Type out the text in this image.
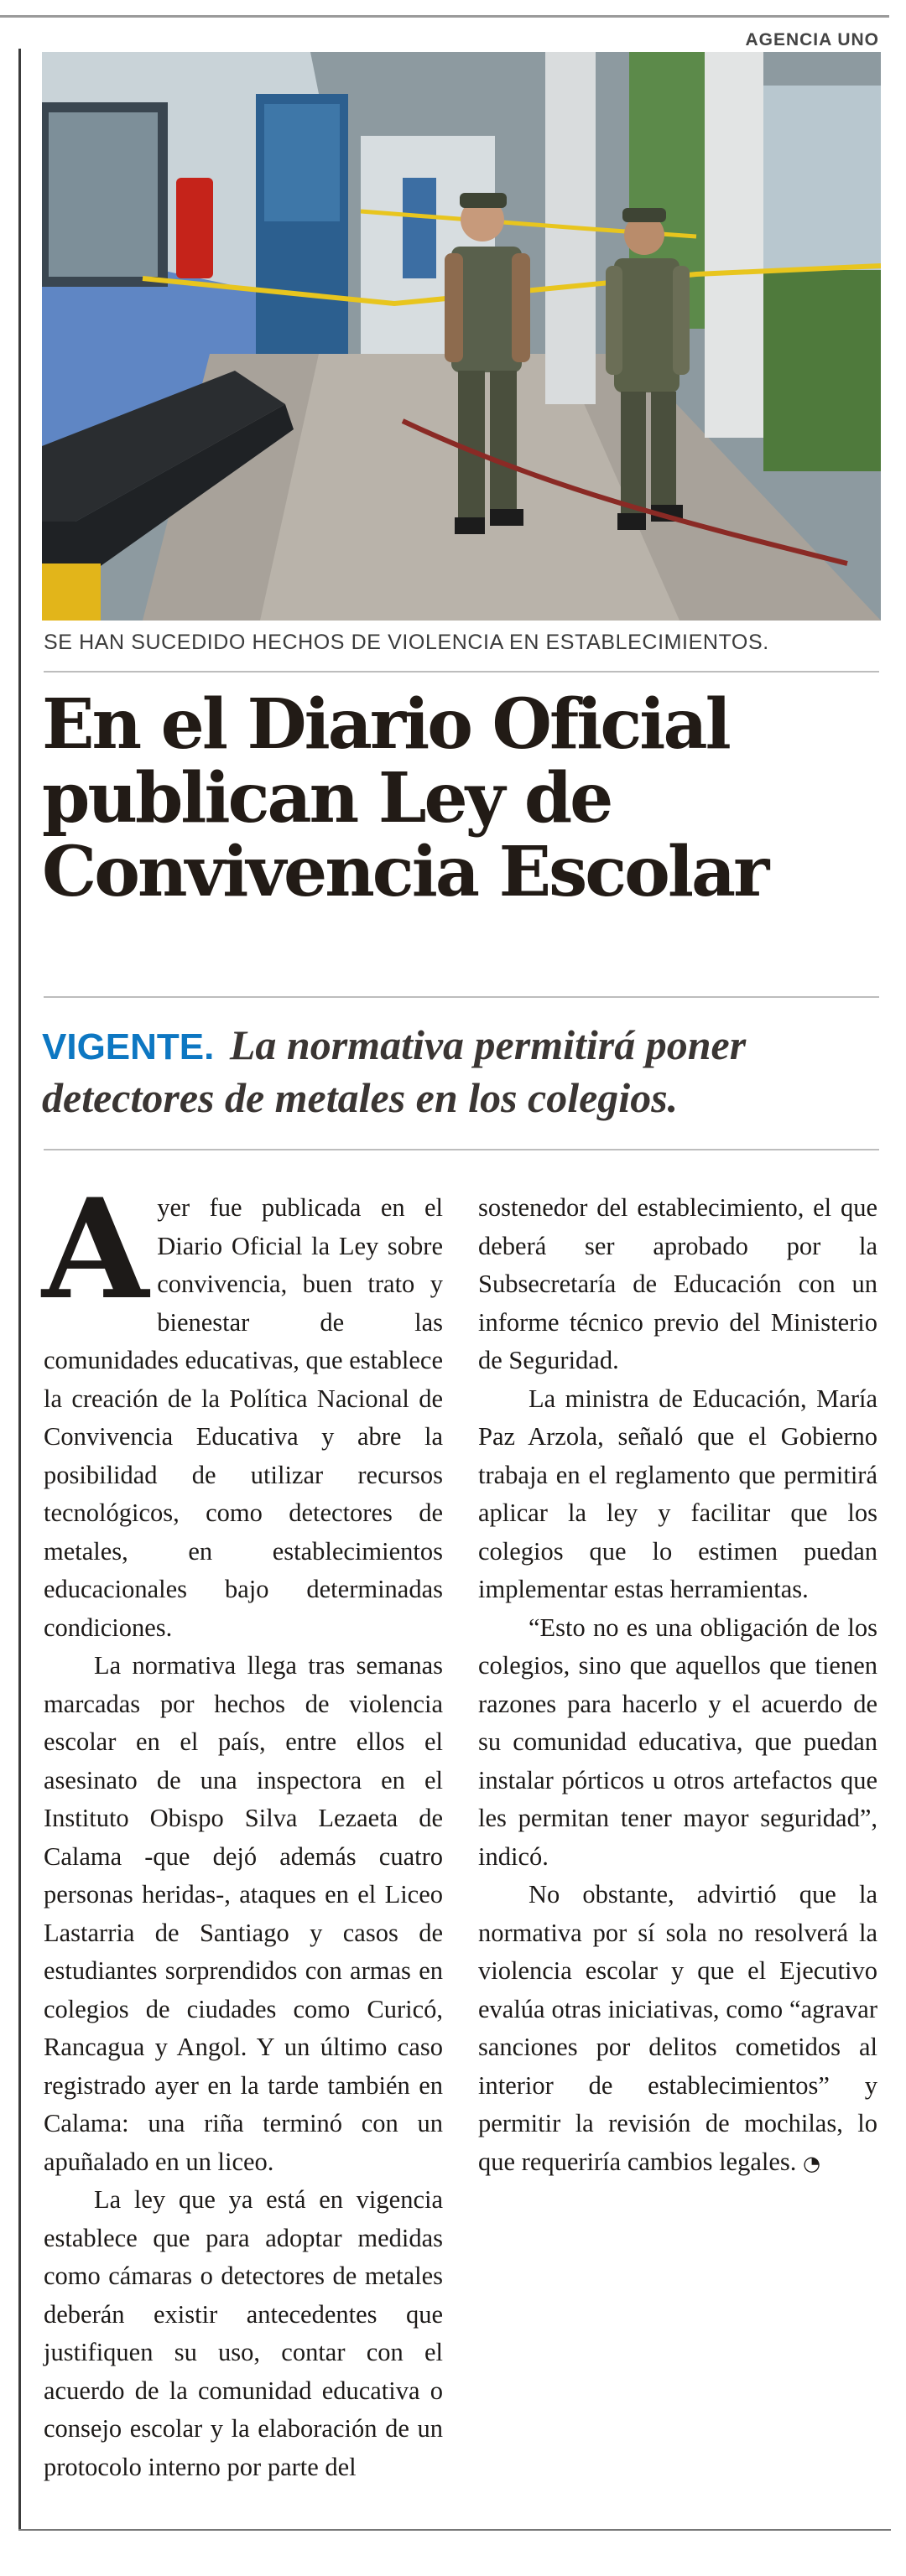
AGENCIA UNO
SE HAN SUCEDIDO HECHOS DE VIOLENCIA EN ESTABLECIMIENTOS.
En el Diario Oficial
publican Ley de
Convivencia Escolar
VIGENTE. La normativa permitirá poner detectores de metales en los colegios.

Ayer fue publicada en el Diario Oficial la Ley sobre convivencia, buen trato y bienestar de las comunidades educativas, que establece la creación de la Política Nacional de Convivencia Educativa y abre la posibilidad de utilizar recursos tecnológicos, como detectores de metales, en establecimientos educacionales bajo determinadas condiciones.

La normativa llega tras semanas marcadas por hechos de violencia escolar en el país, entre ellos el asesinato de una inspectora en el Instituto Obispo Silva Lezaeta de Calama -que dejó además cuatro personas heridas-, ataques en el Liceo Lastarria de Santiago y casos de estudiantes sorprendidos con armas en colegios de ciudades como Curicó, Rancagua y Angol. Y un último caso registrado ayer en la tarde también en Calama: una riña terminó con un apuñalado en un liceo.

La ley que ya está en vigencia establece que para adoptar medidas como cámaras o detectores de metales deberán existir antecedentes que justifiquen su uso, contar con el acuerdo de la comunidad educativa o consejo escolar y la elaboración de un protocolo interno por parte del

sostenedor del establecimiento, el que deberá ser aprobado por la Subsecretaría de Educación con un informe técnico previo del Ministerio de Seguridad.

La ministra de Educación, María Paz Arzola, señaló que el Gobierno trabaja en el reglamento que permitirá aplicar la ley y facilitar que los colegios que lo estimen puedan implementar estas herramientas.

“Esto no es una obligación de los colegios, sino que aquellos que tienen razones para hacerlo y el acuerdo de su comunidad educativa, que puedan instalar pórticos u otros artefactos que les permitan tener mayor seguridad”, indicó.

No obstante, advirtió que la normativa por sí sola no resolverá la violencia escolar y que el Ejecutivo evalúa otras iniciativas, como “agravar sanciones por delitos cometidos al interior de establecimientos” y permitir la revisión de mochilas, lo que requeriría cambios legales. ◔
